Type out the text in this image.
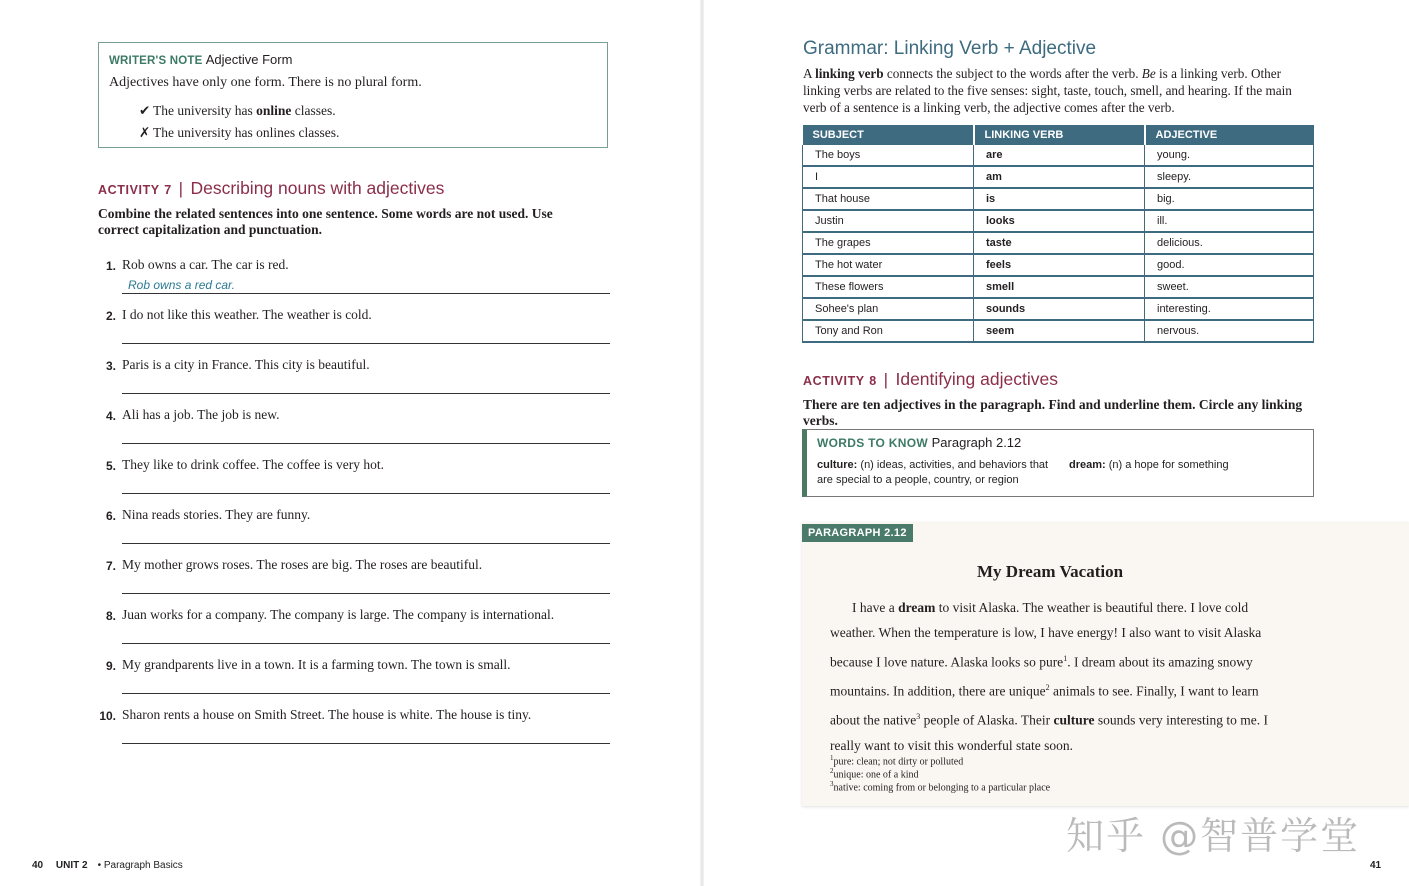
WRITER'S NOTE Adjective Form
Adjectives have only one form. There is no plural form.
✔ The university has online classes.
✗ The university has onlines classes.
ACTIVITY 7 | Describing nouns with adjectives
Combine the related sentences into one sentence. Some words are not used. Use correct capitalization and punctuation.
1. Rob owns a car. The car is red.
Rob owns a red car.
2. I do not like this weather. The weather is cold.
3. Paris is a city in France. This city is beautiful.
4. Ali has a job. The job is new.
5. They like to drink coffee. The coffee is very hot.
6. Nina reads stories. They are funny.
7. My mother grows roses. The roses are big. The roses are beautiful.
8. Juan works for a company. The company is large. The company is international.
9. My grandparents live in a town. It is a farming town. The town is small.
10. Sharon rents a house on Smith Street. The house is white. The house is tiny.
40 UNIT 2 • Paragraph Basics
Grammar: Linking Verb + Adjective
A linking verb connects the subject to the words after the verb. Be is a linking verb. Other linking verbs are related to the five senses: sight, taste, touch, smell, and hearing. If the main verb of a sentence is a linking verb, the adjective comes after the verb.
SUBJECT	LINKING VERB	ADJECTIVE
The boys	are	young.
I	am	sleepy.
That house	is	big.
Justin	looks	ill.
The grapes	taste	delicious.
The hot water	feels	good.
These flowers	smell	sweet.
Sohee's plan	sounds	interesting.
Tony and Ron	seem	nervous.
ACTIVITY 8 | Identifying adjectives
There are ten adjectives in the paragraph. Find and underline them. Circle any linking verbs.
WORDS TO KNOW Paragraph 2.12
culture: (n) ideas, activities, and behaviors that are special to a people, country, or region
dream: (n) a hope for something
PARAGRAPH 2.12
My Dream Vacation
I have a dream to visit Alaska. The weather is beautiful there. I love cold weather. When the temperature is low, I have energy! I also want to visit Alaska because I love nature. Alaska looks so pure$^1$. I dream about its amazing snowy mountains. In addition, there are unique$^2$ animals to see. Finally, I want to learn about the native$^3$ people of Alaska. Their culture sounds very interesting to me. I really want to visit this wonderful state soon.
$^1$pure: clean; not dirty or polluted
$^2$unique: one of a kind
$^3$native: coming from or belonging to a particular place
知乎 @智普学堂
41
